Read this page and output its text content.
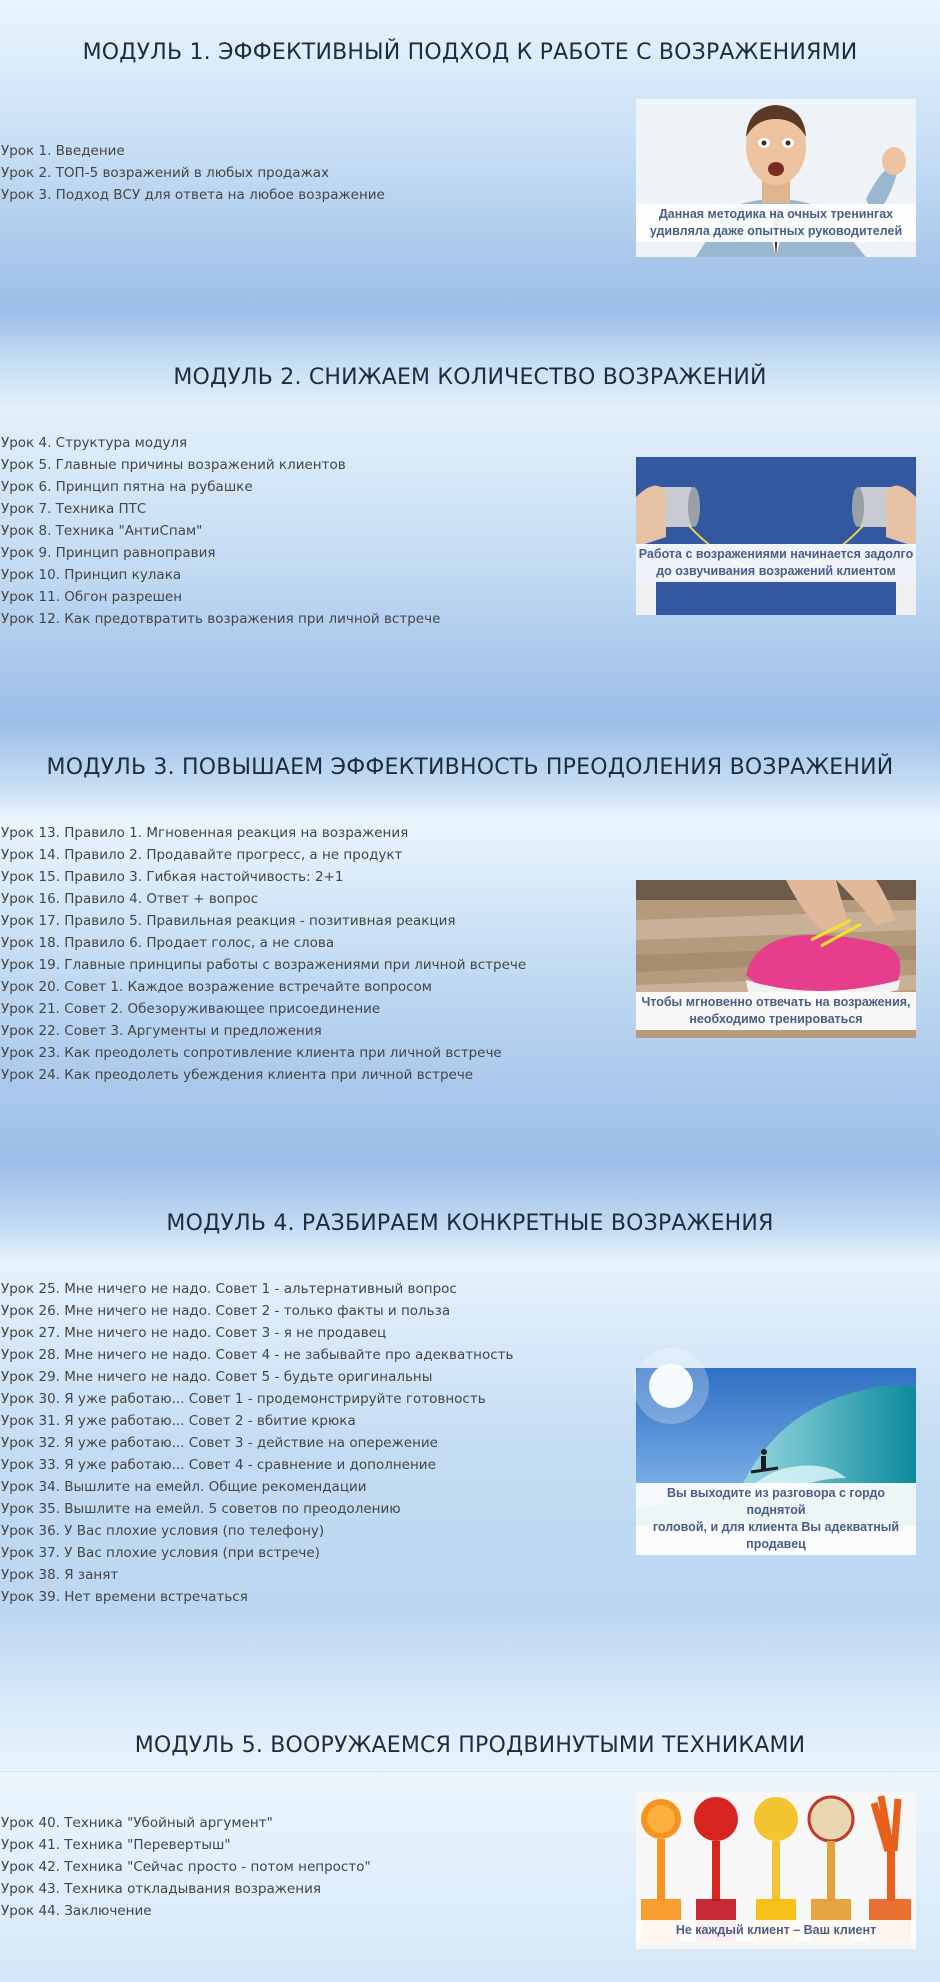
МОДУЛЬ 1. ЭФФЕКТИВНЫЙ ПОДХОД К РАБОТЕ С ВОЗРАЖЕНИЯМИ
Урок 1. Введение
Урок 2. ТОП-5 возражений в любых продажах
Урок 3. Подход ВСУ для ответа на любое возражение
Данная методика на очных тренингах
удивляла даже опытных руководителей
МОДУЛЬ 2. СНИЖАЕМ КОЛИЧЕСТВО ВОЗРАЖЕНИЙ
Урок 4. Структура модуля
Урок 5. Главные причины возражений клиентов
Урок 6. Принцип пятна на рубашке
Урок 7. Техника ПТС
Урок 8. Техника "АнтиСпам"
Урок 9. Принцип равноправия
Урок 10. Принцип кулака
Урок 11. Обгон разрешен
Урок 12. Как предотвратить возражения при личной встрече
Работа с возражениями начинается задолго
до озвучивания возражений клиентом
МОДУЛЬ 3. ПОВЫШАЕМ ЭФФЕКТИВНОСТЬ ПРЕОДОЛЕНИЯ ВОЗРАЖЕНИЙ
Урок 13. Правило 1. Мгновенная реакция на возражения
Урок 14. Правило 2. Продавайте прогресс, а не продукт
Урок 15. Правило 3. Гибкая настойчивость: 2+1
Урок 16. Правило 4. Ответ + вопрос
Урок 17. Правило 5. Правильная реакция - позитивная реакция
Урок 18. Правило 6. Продает голос, а не слова
Урок 19. Главные принципы работы с возражениями при личной встрече
Урок 20. Совет 1. Каждое возражение встречайте вопросом
Урок 21. Совет 2. Обезоруживающее присоединение
Урок 22. Совет 3. Аргументы и предложения
Урок 23. Как преодолеть сопротивление клиента при личной встрече
Урок 24. Как преодолеть убеждения клиента при личной встрече
Чтобы мгновенно отвечать на возражения,
необходимо тренироваться
МОДУЛЬ 4. РАЗБИРАЕМ КОНКРЕТНЫЕ ВОЗРАЖЕНИЯ
Урок 25. Мне ничего не надо. Совет 1 - альтернативный вопрос
Урок 26. Мне ничего не надо. Совет 2 - только факты и польза
Урок 27. Мне ничего не надо. Совет 3 - я не продавец
Урок 28. Мне ничего не надо. Совет 4 - не забывайте про адекватность
Урок 29. Мне ничего не надо. Совет 5 - будьте оригинальны
Урок 30. Я уже работаю... Совет 1 - продемонстрируйте готовность
Урок 31. Я уже работаю... Совет 2 - вбитие крюка
Урок 32. Я уже работаю... Совет 3 - действие на опережение
Урок 33. Я уже работаю... Совет 4 - сравнение и дополнение
Урок 34. Вышлите на емейл. Общие рекомендации
Урок 35. Вышлите на емейл. 5 советов по преодолению
Урок 36. У Вас плохие условия (по телефону)
Урок 37. У Вас плохие условия (при встрече)
Урок 38. Я занят
Урок 39. Нет времени встречаться
Вы выходите из разговора с гордо поднятой
головой, и для клиента Вы адекватный продавец
МОДУЛЬ 5. ВООРУЖАЕМСЯ ПРОДВИНУТЫМИ ТЕХНИКАМИ
Урок 40. Техника "Убойный аргумент"
Урок 41. Техника "Перевертыш"
Урок 42. Техника "Сейчас просто - потом непросто"
Урок 43. Техника откладывания возражения
Урок 44. Заключение
Не каждый клиент – Ваш клиент
